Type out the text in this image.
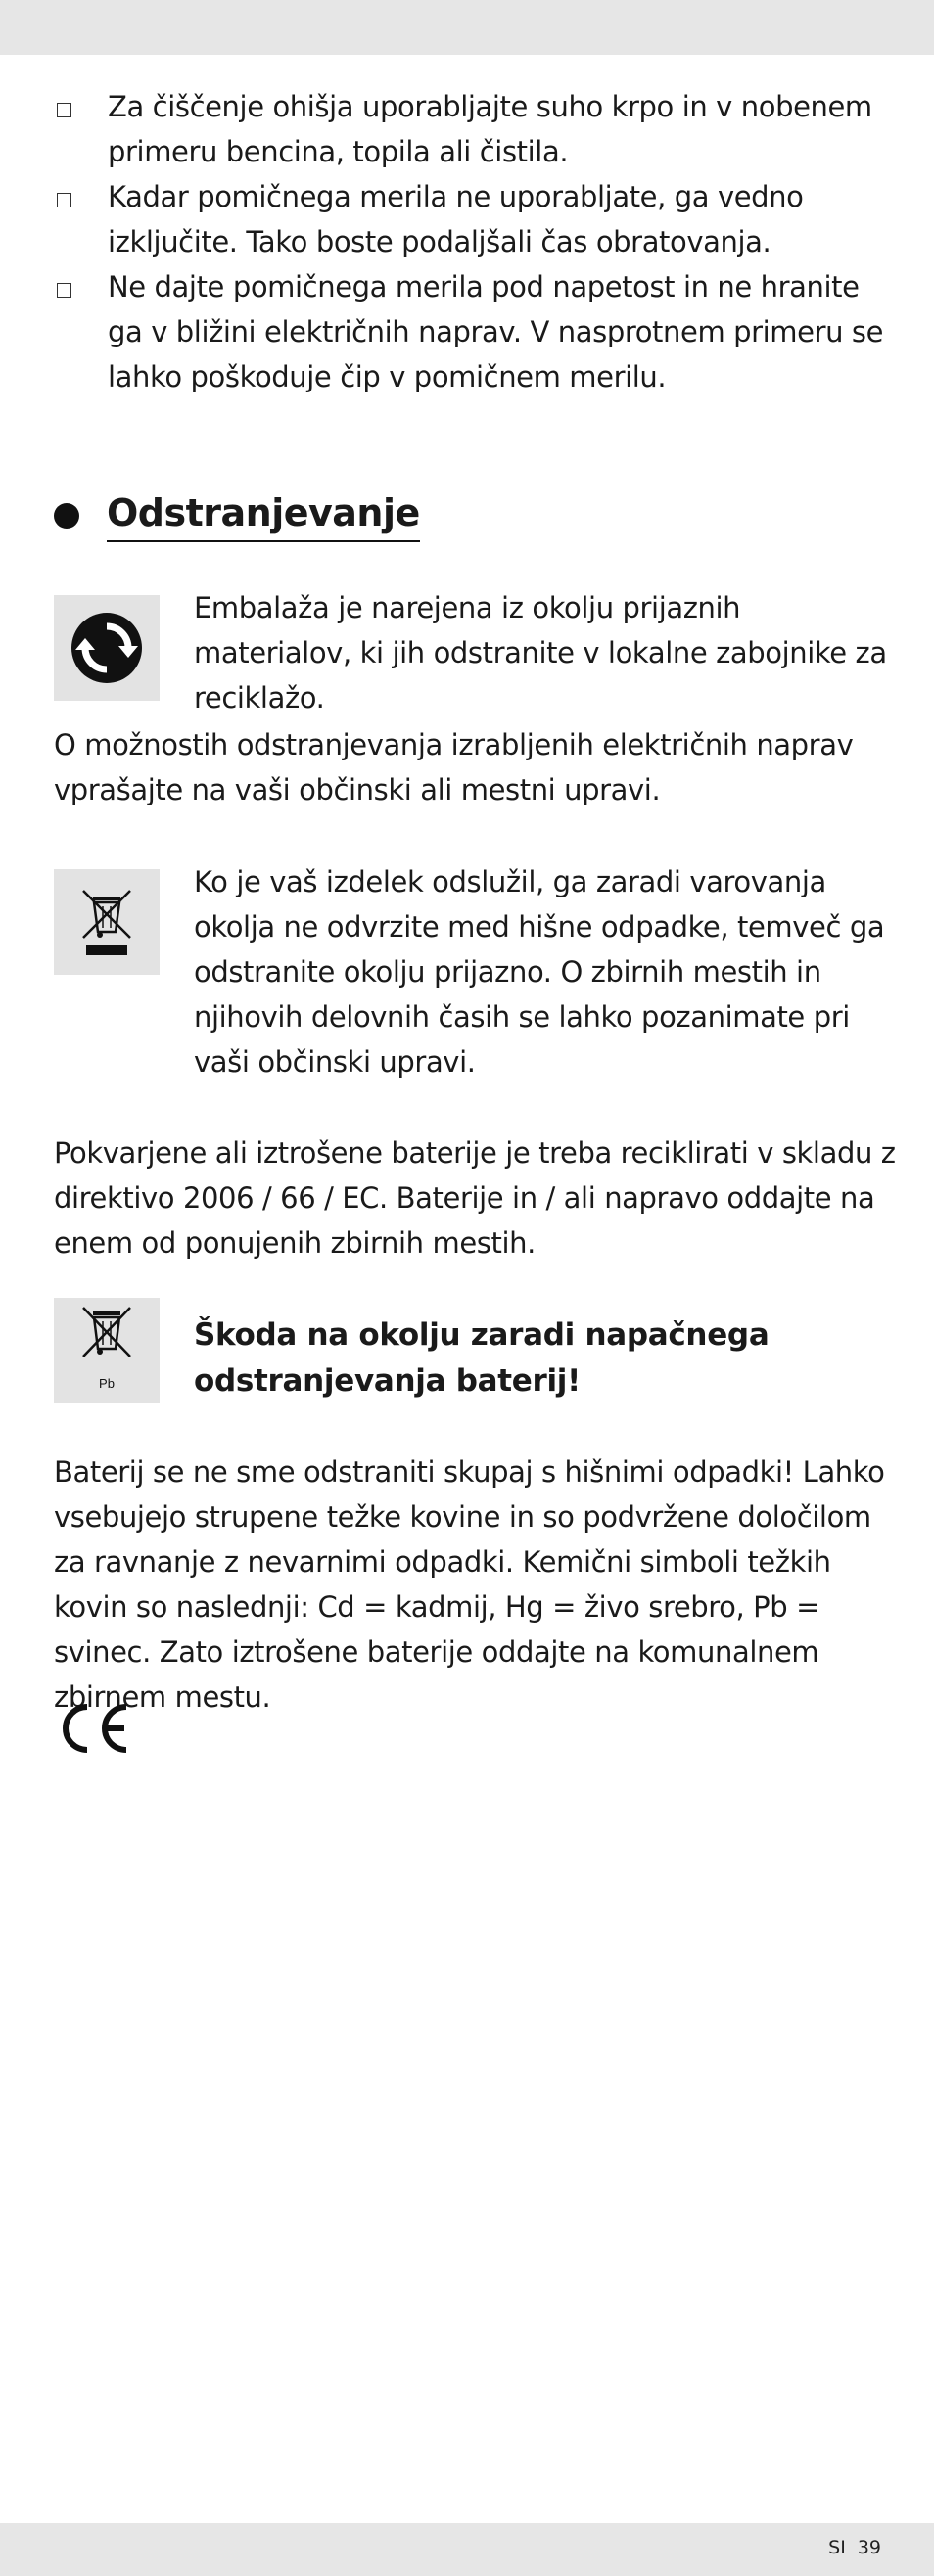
Za čiščenje ohišja uporabljajte suho krpo in v nobenem primeru bencina, topila ali čistila.
Kadar pomičnega merila ne uporabljate, ga vedno izklјučite. Tako boste podaljšali čas obratovanja.
Ne dajte pomičnega merila pod napetost in ne hranite ga v bližini električnih naprav. V nasprotnem primeru se lahko poškoduje čip v pomičnem merilu.
Odstranjevanje
Embalaža je narejena iz okolju prijaznih materialov, ki jih odstranite v lokalne zabojnike za reciklažo.

O možnostih odstranjevanja izrabljenih električnih naprav vprašajte na vaši občinski ali mestni upravi.

Ko je vaš izdelek odslužil, ga zaradi varovanja okolja ne odvrzite med hišne odpadke, temveč ga odstranite okolju prijazno. O zbirnih mestih in njihovih delovnih časih se lahko pozanimate pri vaši občinski upravi.

Pokvarjene ali iztrošene baterije je treba reciklirati v skladu z direktivo 2006 / 66 / EC. Baterije in / ali napravo oddajte na enem od ponujenih zbirnih mestih.

Pb
Škoda na okolju zaradi napačnega odstranjevanja baterij!

Baterij se ne sme odstraniti skupaj s hišnimi odpadki! Lahko vsebujejo strupene težke kovine in so podvržene določilom za ravnanje z nevarnimi odpadki. Kemični simboli težkih kovin so naslednji: Cd = kadmij, Hg = živo srebro, Pb = svinec. Zato iztrošene baterije oddajte na komunalnem zbirnem mestu.

SI 39
